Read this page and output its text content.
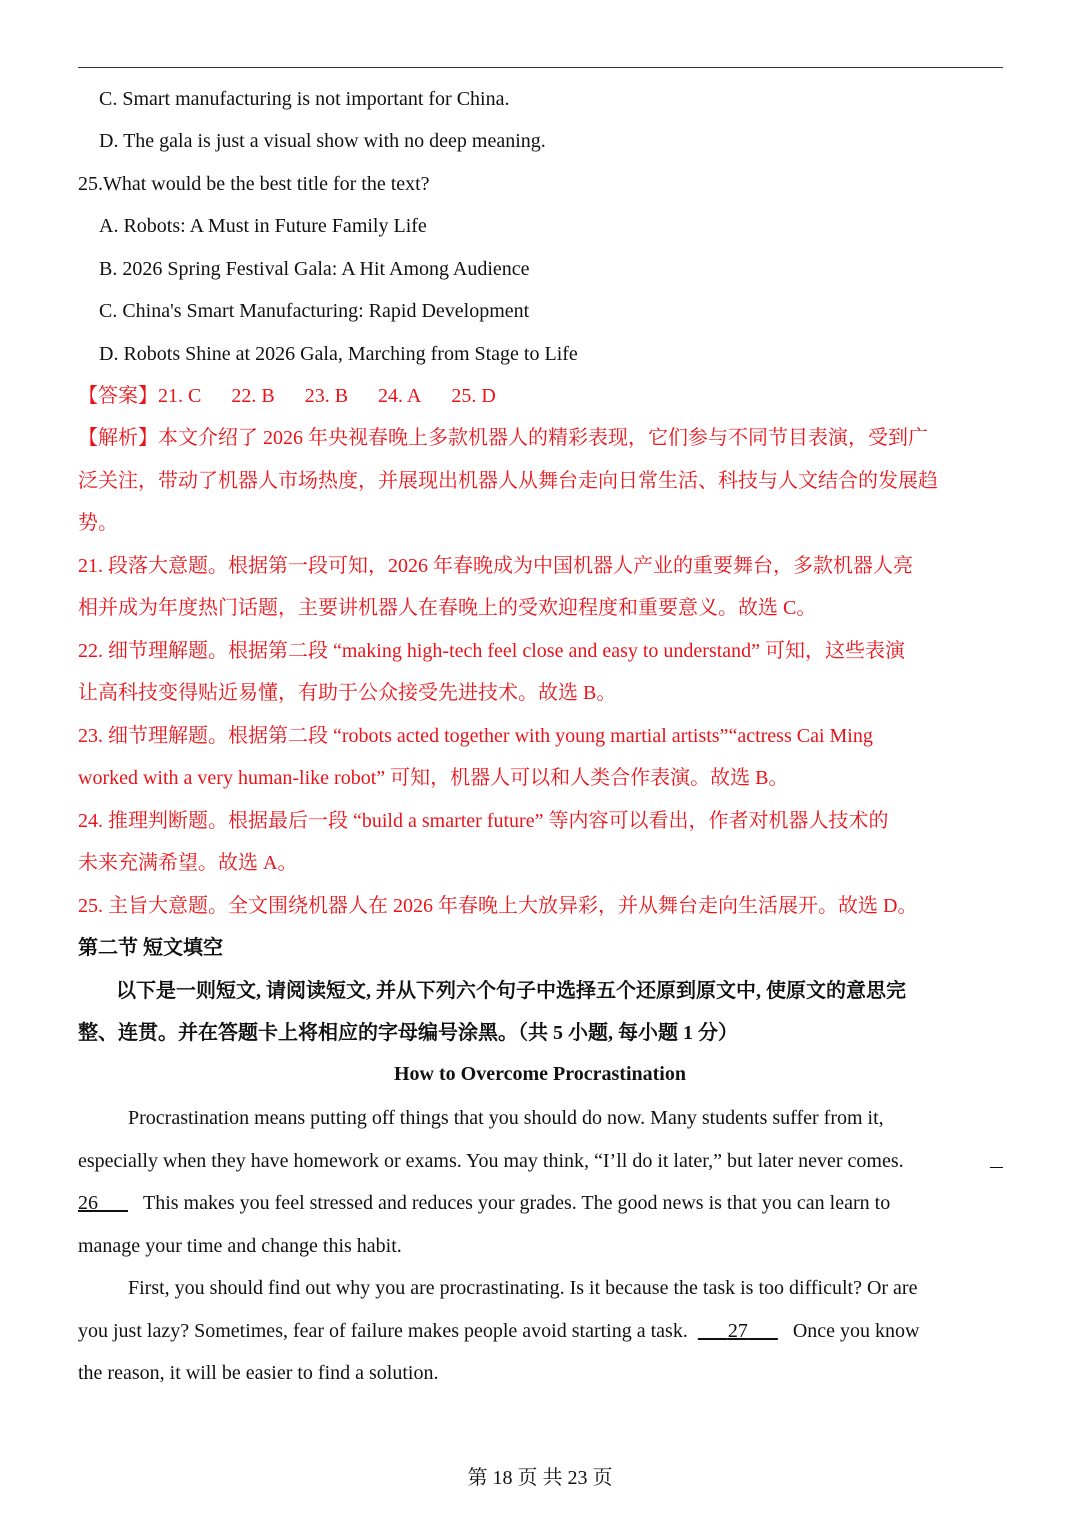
C. Smart manufacturing is not important for China.
D. The gala is just a visual show with no deep meaning.
25.What would be the best title for the text?
A. Robots: A Must in Future Family Life
B. 2026 Spring Festival Gala: A Hit Among Audience
C. China's Smart Manufacturing: Rapid Development
D. Robots Shine at 2026 Gala, Marching from Stage to Life
【答案】21. C 22. B 23. B 24. A 25. D
【解析】本文介绍了 2026 年央视春晚上多款机器人的精彩表现，它们参与不同节目表演，受到广
泛关注，带动了机器人市场热度，并展现出机器人从舞台走向日常生活、科技与人文结合的发展趋
势。
21. 段落大意题。根据第一段可知，2026 年春晚成为中国机器人产业的重要舞台，多款机器人亮
相并成为年度热门话题，主要讲机器人在春晚上的受欢迎程度和重要意义。故选 C。
22. 细节理解题。根据第二段 “making high-tech feel close and easy to understand” 可知，这些表演
让高科技变得贴近易懂，有助于公众接受先进技术。故选 B。
23. 细节理解题。根据第二段 “robots acted together with young martial artists”“actress Cai Ming
worked with a very human-like robot” 可知，机器人可以和人类合作表演。故选 B。
24. 推理判断题。根据最后一段 “build a smarter future” 等内容可以看出，作者对机器人技术的
未来充满希望。故选 A。
25. 主旨大意题。全文围绕机器人在 2026 年春晚上大放异彩，并从舞台走向生活展开。故选 D。
第二节 短文填空
以下是一则短文, 请阅读短文, 并从下列六个句子中选择五个还原到原文中, 使原文的意思完
整、连贯。并在答题卡上将相应的字母编号涂黑。（共 5 小题, 每小题 1 分）
How to Overcome Procrastination
Procrastination means putting off things that you should do now. Many students suffer from it,
especially when they have homework or exams. You may think, “I’ll do it later,” but later never comes.
26 This makes you feel stressed and reduces your grades. The good news is that you can learn to
manage your time and change this habit.
First, you should find out why you are procrastinating. Is it because the task is too difficult? Or are
you just lazy? Sometimes, fear of failure makes people avoid starting a task. 27 Once you know
the reason, it will be easier to find a solution.
第 18 页 共 23 页
